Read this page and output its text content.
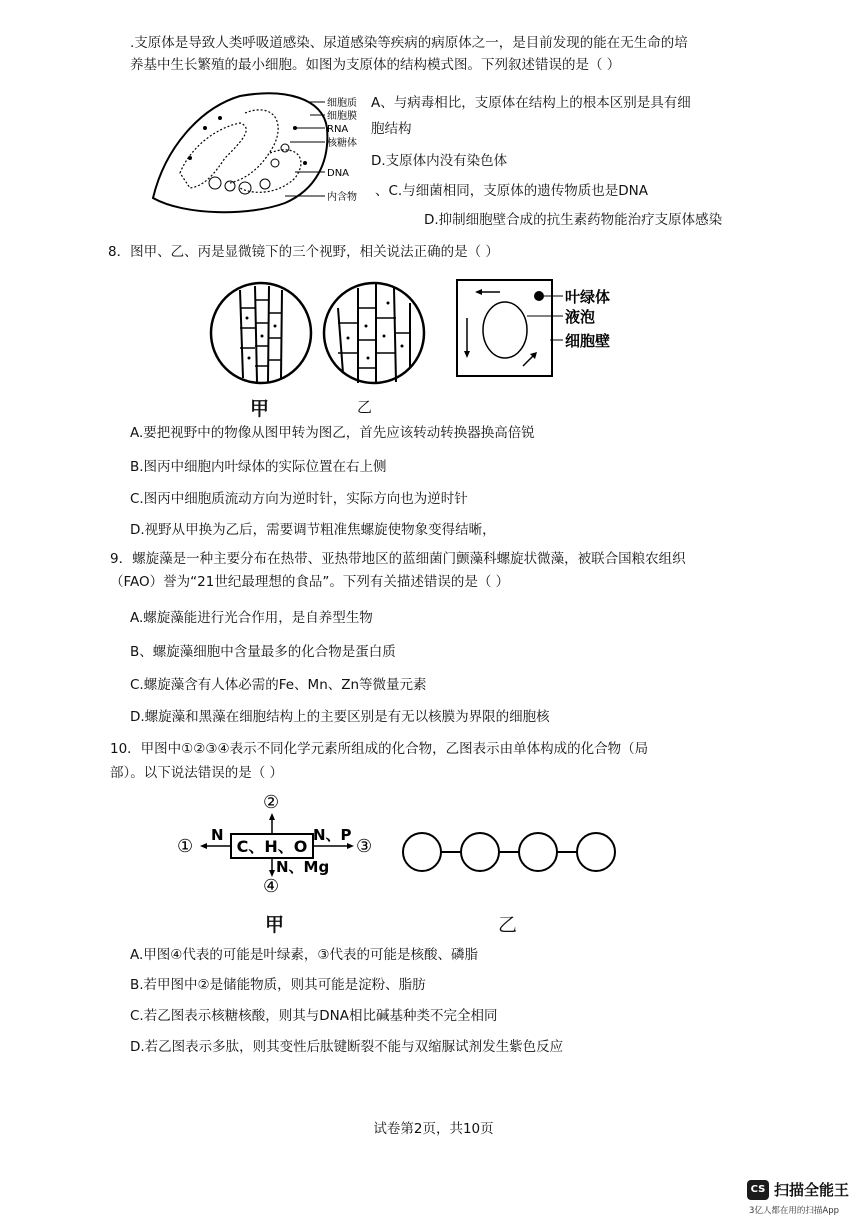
.支原体是导致人类呼吸道感染、尿道感染等疾病的病原体之一，是目前发现的能在无生命的培
养基中生长繁殖的最小细胞。如图为支原体的结构模式图。下列叙述错误的是（ ）
细胞质
细胞膜
RNA
核糖体
DNA
内含物
A、与病毒相比，支原体在结构上的根本区别是具有细
胞结构
D.支原体内没有染色体
、C.与细菌相同，支原体的遗传物质也是DNA
D.抑制细胞壁合成的抗生素药物能治疗支原体感染
8．图甲、乙、丙是显微镜下的三个视野，相关说法正确的是（ ）
叶绿体
液泡
细胞壁
甲	乙
A.要把视野中的物像从图甲转为图乙，首先应该转动转换器换高倍锐
B.图丙中细胞内叶绿体的实际位置在右上侧
C.图丙中细胞质流动方向为逆时针，实际方向也为逆时针
D.视野从甲换为乙后，需要调节粗准焦螺旋使物象变得结晰，
9．螺旋藻是一种主要分布在热带、亚热带地区的蓝细菌门颤藻科螺旋状微藻，被联合国粮农组织
（FAO）誉为“21世纪最理想的食品”。下列有关描述错误的是（ ）
A.螺旋藻能进行光合作用，是自养型生物
B、螺旋藻细胞中含量最多的化合物是蛋白质
C.螺旋藻含有人体必需的Fe、Mn、Zn等微量元素
D.螺旋藻和黑藻在细胞结构上的主要区别是有无以核膜为界限的细胞核
10．甲图中①②③④表示不同化学元素所组成的化合物，乙图表示由单体构成的化合物（局
部）。以下说法错误的是（ ）
C、H、O
N
①
②
N、P
③
N、Mg
④
甲	乙
A.甲图④代表的可能是叶绿素，③代表的可能是核酸、磷脂
B.若甲图中②是储能物质，则其可能是淀粉、脂肪
C.若乙图表示核糖核酸，则其与DNA相比碱基种类不完全相同
D.若乙图表示多肽，则其变性后肽键断裂不能与双缩脲试剂发生紫色反应
试卷第2页，共10页
CS 扫描全能王
3亿人都在用的扫描App
